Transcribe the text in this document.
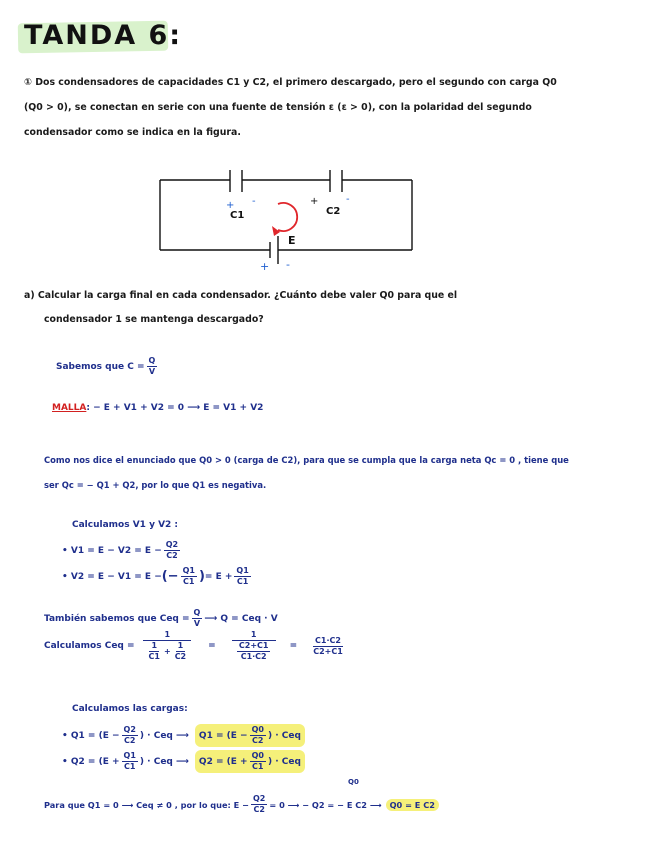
TANDA 6:
① Dos condensadores de capacidades C1 y C2, el primero descargado, pero el segundo con carga Q0
(Q0 > 0), se conectan en serie con una fuente de tensión ε (ε > 0), con la polaridad del segundo
condensador como se indica en la figura.
+ -
C1
+	-
C2
E
+ -
a) Calcular la carga final en cada condensador. ¿Cuánto debe valer Q0 para que el
condensador 1 se mantenga descargado?
Sabemos que $C = \frac{Q}{V}$
MALLA : − E + V1 + V2 = 0 ⟶ E = V1 + V2
Como nos dice el enunciado que Q0 > 0 (carga de C2), para que se cumpla que la carga neta Qc = 0 , tiene que
ser Qc = − Q1 + Q2, por lo que Q1 es negativa.
Calculamos V1 y V2 :
• $V1 = E - V2 = E - \frac{Q2}{C2}$
• V2 = E − V1 = E − (− $\frac{Q1}{C1}$ ) = $E + \frac{Q1}{C1}$
También sabemos que Ceq = $\frac{Q}{V}$ ⟶ Q = Ceq · V
Calculamos Ceq = $\frac{1}{\frac{1}{C1} + \frac{1}{C2}} = \frac{1}{\frac{C2+C1}{C1\cdot C2}} = \frac{C1\cdot C2}{C2+C1}$
Calculamos las cargas:
• $Q1 = (E - \frac{Q2}{C2}$ ) · Ceq ⟶ $Q1 = (E - \frac{Q0}{C2}$ ) · Ceq
• $Q2 = (E + \frac{Q1}{C1}$ ) · Ceq ⟶ $Q2 = (E + \frac{Q0}{C1}$ ) · Ceq
Q0
Para que Q1 = 0 ⟶ Ceq ≠ 0 , por lo que: $E - \frac{Q2}{C2} = 0$ ⟶ − Q2 = − E C2 ⟶ Q0 = E C2
